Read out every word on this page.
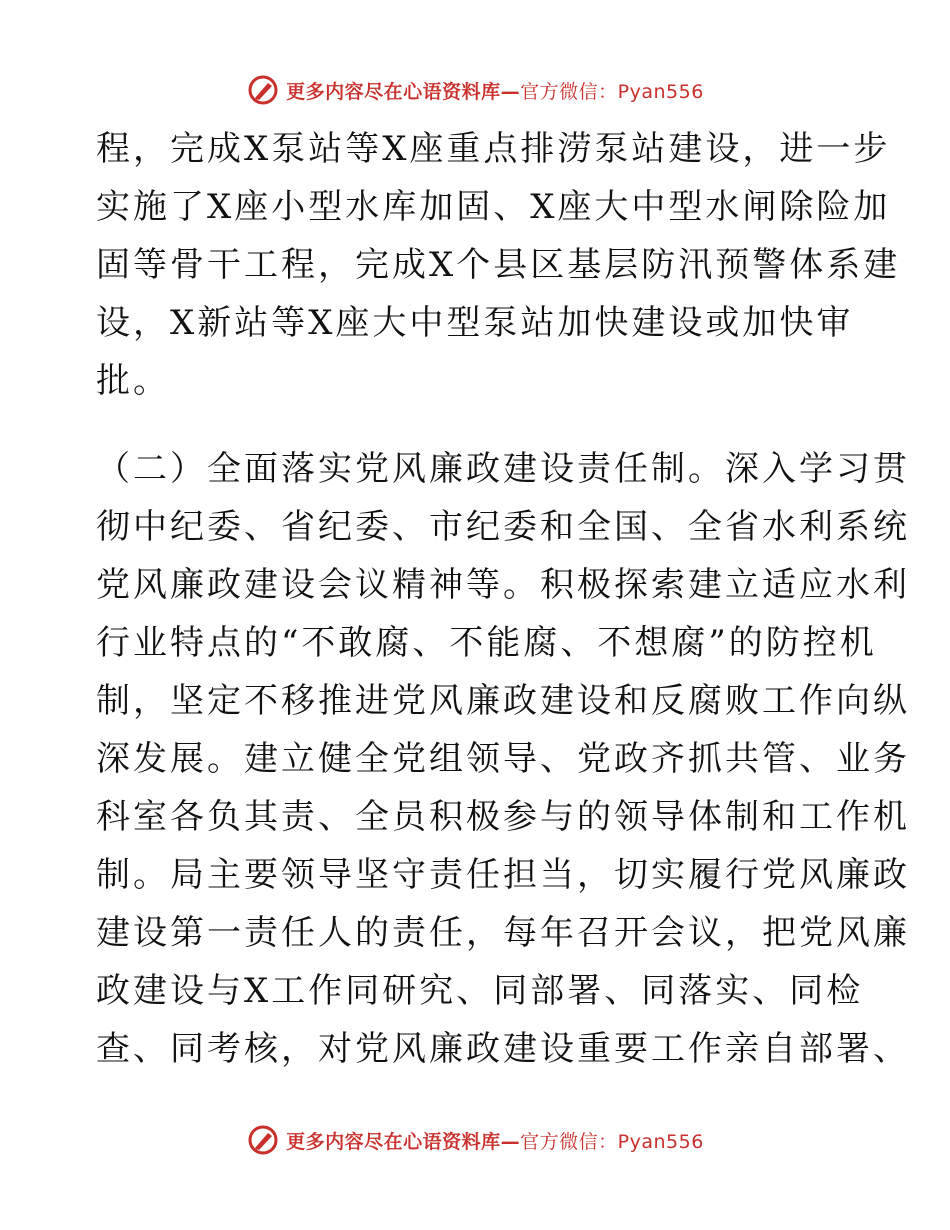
更多内容尽在心语资料库—官方微信：Pyan556
程，完成X泵站等X座重点排涝泵站建设，进一步
实施了X座小型水库加固、X座大中型水闸除险加
固等骨干工程，完成X个县区基层防汛预警体系建
设，X新站等X座大中型泵站加快建设或加快审
批。
（二）全面落实党风廉政建设责任制。深入学习贯
彻中纪委、省纪委、市纪委和全国、全省水利系统
党风廉政建设会议精神等。积极探索建立适应水利
行业特点的“不敢腐、不能腐、不想腐”的防控机
制，坚定不移推进党风廉政建设和反腐败工作向纵
深发展。建立健全党组领导、党政齐抓共管、业务
科室各负其责、全员积极参与的领导体制和工作机
制。局主要领导坚守责任担当，切实履行党风廉政
建设第一责任人的责任，每年召开会议，把党风廉
政建设与X工作同研究、同部署、同落实、同检
查、同考核，对党风廉政建设重要工作亲自部署、
更多内容尽在心语资料库—官方微信：Pyan556
